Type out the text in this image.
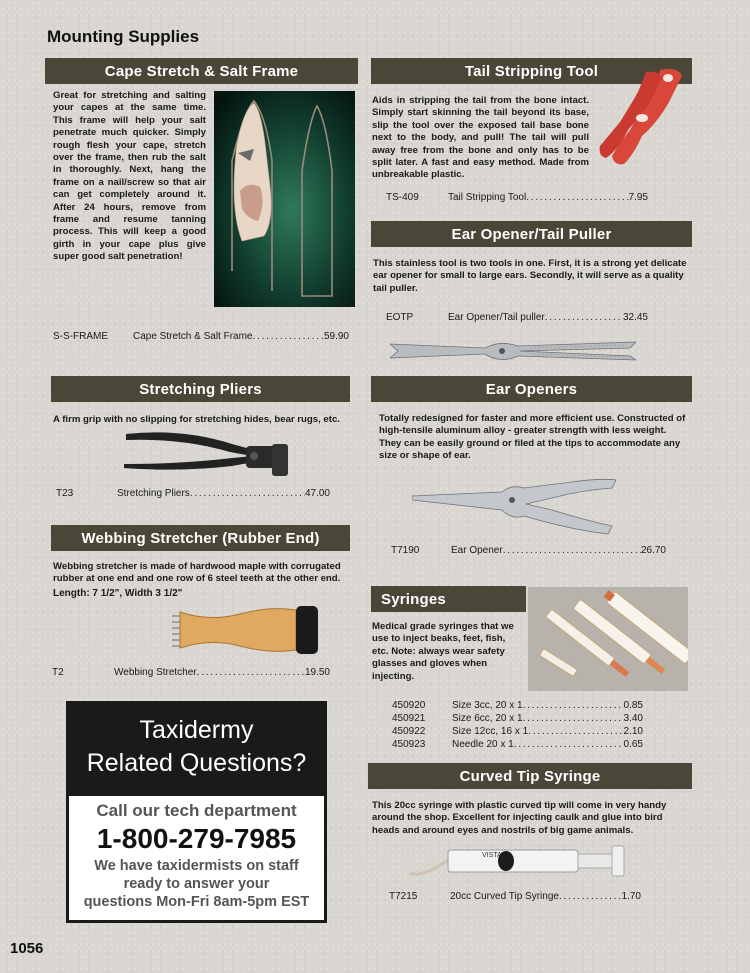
Mounting Supplies
Cape Stretch & Salt Frame
Great for stretching and salting your capes at the same time. This frame will help your salt penetrate much quicker. Simply rough flesh your cape, stretch over the frame, then rub the salt in thoroughly. Next, hang the frame on a nail/screw so that air can get completely around it. After 24 hours, remove from frame and resume tanning process. This will keep a good girth in your cape plus give super good salt penetration!
S-S-FRAME	Cape Stretch & Salt Frame . . .	59.90
Tail Stripping Tool
Aids in stripping the tail from the bone intact. Simply start skinning the tail beyond its base, slip the tool over the exposed tail base bone next to the body, and pull! The tail will pull away free from the bone and only has to be split later. A fast and easy method. Made from unbreakable plastic.
TS-409	Tail Stripping Tool . . .	7.95
Ear Opener/Tail Puller
This stainless tool is two tools in one. First, it is a strong yet delicate ear opener for small to large ears. Secondly, it will serve as a quality tail puller.
EOTP	Ear Opener/Tail puller . . .	32.45
Stretching Pliers
A firm grip with no slipping for stretching hides, bear rugs, etc.
T23	Stretching Pliers . . .	47.00
Ear Openers
Totally redesigned for faster and more efficient use. Constructed of high-tensile aluminum alloy - greater strength with less weight. They can be easily ground or filed at the tips to accommodate any size or shape of ear.
T7190	Ear Opener . . .	26.70
Webbing Stretcher (Rubber End)
Webbing stretcher is made of hardwood maple with corrugated rubber at one end and one row of 6 steel teeth at the other end.
Length: 7 1/2", Width 3 1/2"
T2	Webbing Stretcher . . .	19.50
Syringes
Medical grade syringes that we use to inject beaks, feet, fish, etc. Note: always wear safety glasses and gloves when injecting.
450920	Size 3cc, 20 x 1 . . .	0.85
450921	Size 6cc, 20 x 1 . . .	3.40
450922	Size 12cc, 16 x 1 . . .	2.10
450923	Needle 20 x 1 . . .	0.65
Curved Tip Syringe
This 20cc syringe with plastic curved tip will come in very handy around the shop. Excellent for injecting caulk and glue into bird heads and around eyes and nostrils of big game animals.
VISTA
T7215	20cc Curved Tip Syringe . . .	1.70
Taxidermy
Related Questions?
Call our tech department
1-800-279-7985
We have taxidermists on staff
ready to answer your
questions Mon-Fri 8am-5pm EST
1056
